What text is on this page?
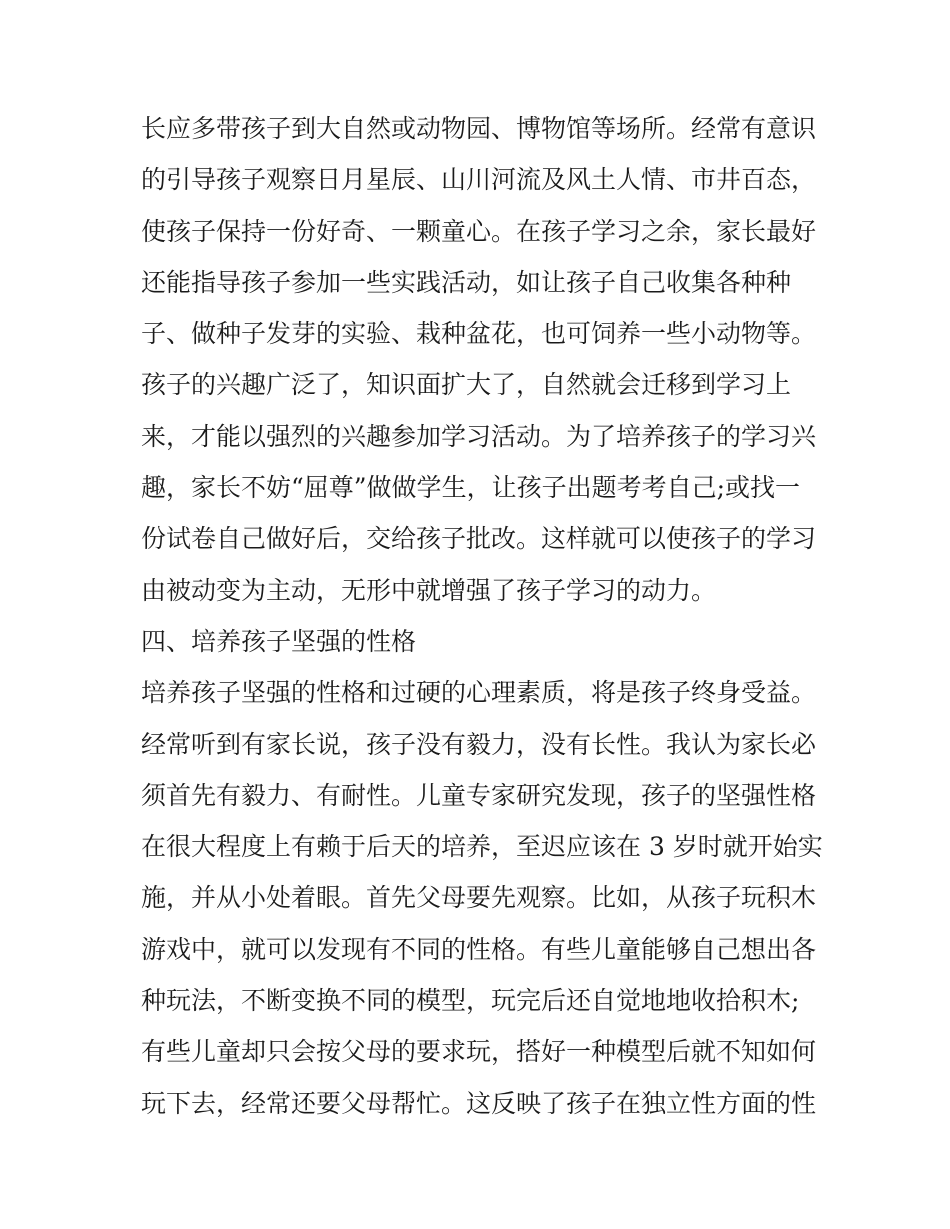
长应多带孩子到大自然或动物园、博物馆等场所。经常有意识
的引导孩子观察日月星辰、山川河流及风土人情、市井百态，
使孩子保持一份好奇、一颗童心。在孩子学习之余，家长最好
还能指导孩子参加一些实践活动，如让孩子自己收集各种种
子、做种子发芽的实验、栽种盆花，也可饲养一些小动物等。
孩子的兴趣广泛了，知识面扩大了，自然就会迁移到学习上
来，才能以强烈的兴趣参加学习活动。为了培养孩子的学习兴
趣，家长不妨“屈尊”做做学生，让孩子出题考考自己;或找一
份试卷自己做好后，交给孩子批改。这样就可以使孩子的学习
由被动变为主动，无形中就增强了孩子学习的动力。
四、培养孩子坚强的性格
培养孩子坚强的性格和过硬的心理素质，将是孩子终身受益。
经常听到有家长说，孩子没有毅力，没有长性。我认为家长必
须首先有毅力、有耐性。儿童专家研究发现，孩子的坚强性格
在很大程度上有赖于后天的培养，至迟应该在 3 岁时就开始实
施，并从小处着眼。首先父母要先观察。比如，从孩子玩积木
游戏中，就可以发现有不同的性格。有些儿童能够自己想出各
种玩法，不断变换不同的模型，玩完后还自觉地地收拾积木;
有些儿童却只会按父母的要求玩，搭好一种模型后就不知如何
玩下去，经常还要父母帮忙。这反映了孩子在独立性方面的性
